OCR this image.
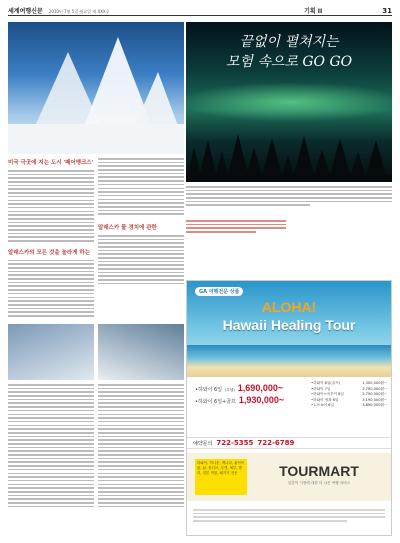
세계여행신문 2010년 7월 5일 월요일 제 XXX호	기획 II	31
끝없이 펼쳐지는
모험 속으로 GO GO
미국 극곳에 지는 도시 '페어뱅크스'
알래스카의 모든 것을 놀라게 하는
알래스카 물 경치에 관한
GA 여행전문 상품
ALOHA!
Hawaii Healing Tour
•하와이 6일 (호텔) 1,690,000~
•하와이 6일+골프 1,930,000~
•하와이 6일(골프)	1,300,000원~
•하와이 7일	2,790,000원~
•하와이+마우이 8일	2,790,000원~
•하와이 정복 6일	3,190,000원~
•노쓰쇼어 6일	3,890,000원~
예약문의 722-5355 722-6789
하와이, 허니문, 캐나다, 괌사이판, 괌, 몰디브, 푸켓, 세부, 발리, 일본 직항, 패키지 전문	TOURMART
일간이 시장에 대한 더 나은 여행 서비스
